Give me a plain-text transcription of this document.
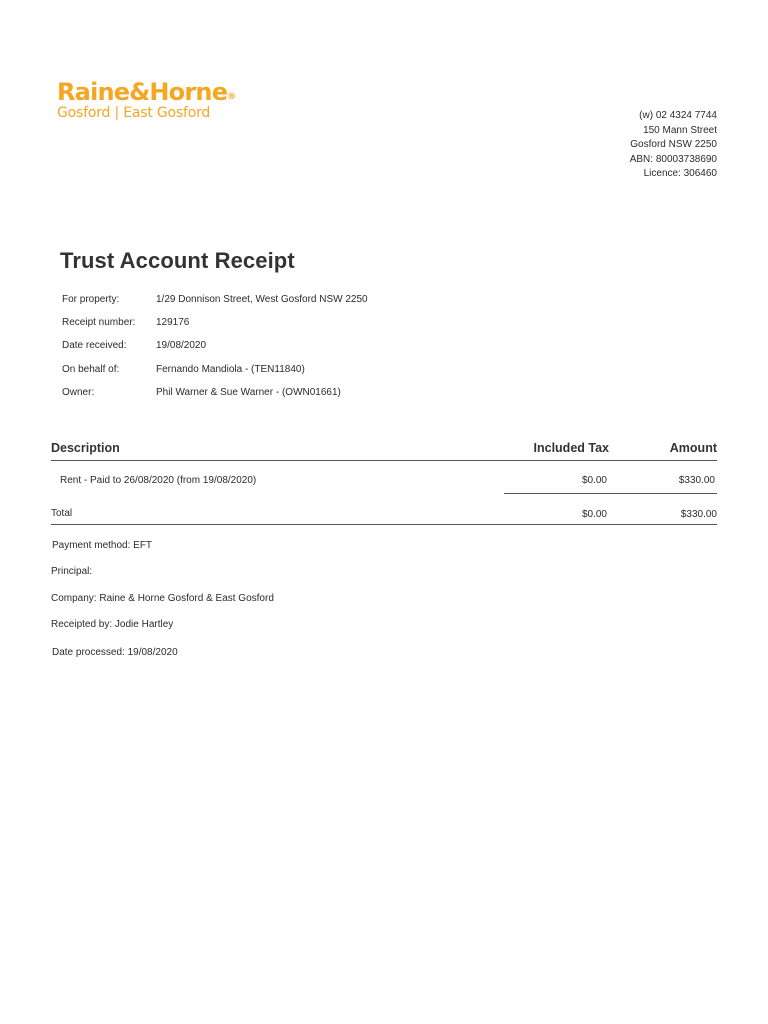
Raine&Horne®
Gosford | East Gosford	(w) 02 4324 7744
150 Mann Street
Gosford NSW 2250
ABN: 80003738690
Licence: 306460
Trust Account Receipt
For property:	1/29 Donnison Street, West Gosford NSW 2250
Receipt number:	129176
Date received:	19/08/2020
On behalf of:	Fernando Mandiola - (TEN11840)
Owner:	Phil Warner & Sue Warner - (OWN01661)
Description	Included Tax	Amount
Rent - Paid to 26/08/2020 (from 19/08/2020)	$0.00	$330.00
Total	$0.00	$330.00
Payment method: EFT
Principal:
Company: Raine & Horne Gosford & East Gosford
Receipted by: Jodie Hartley
Date processed: 19/08/2020
